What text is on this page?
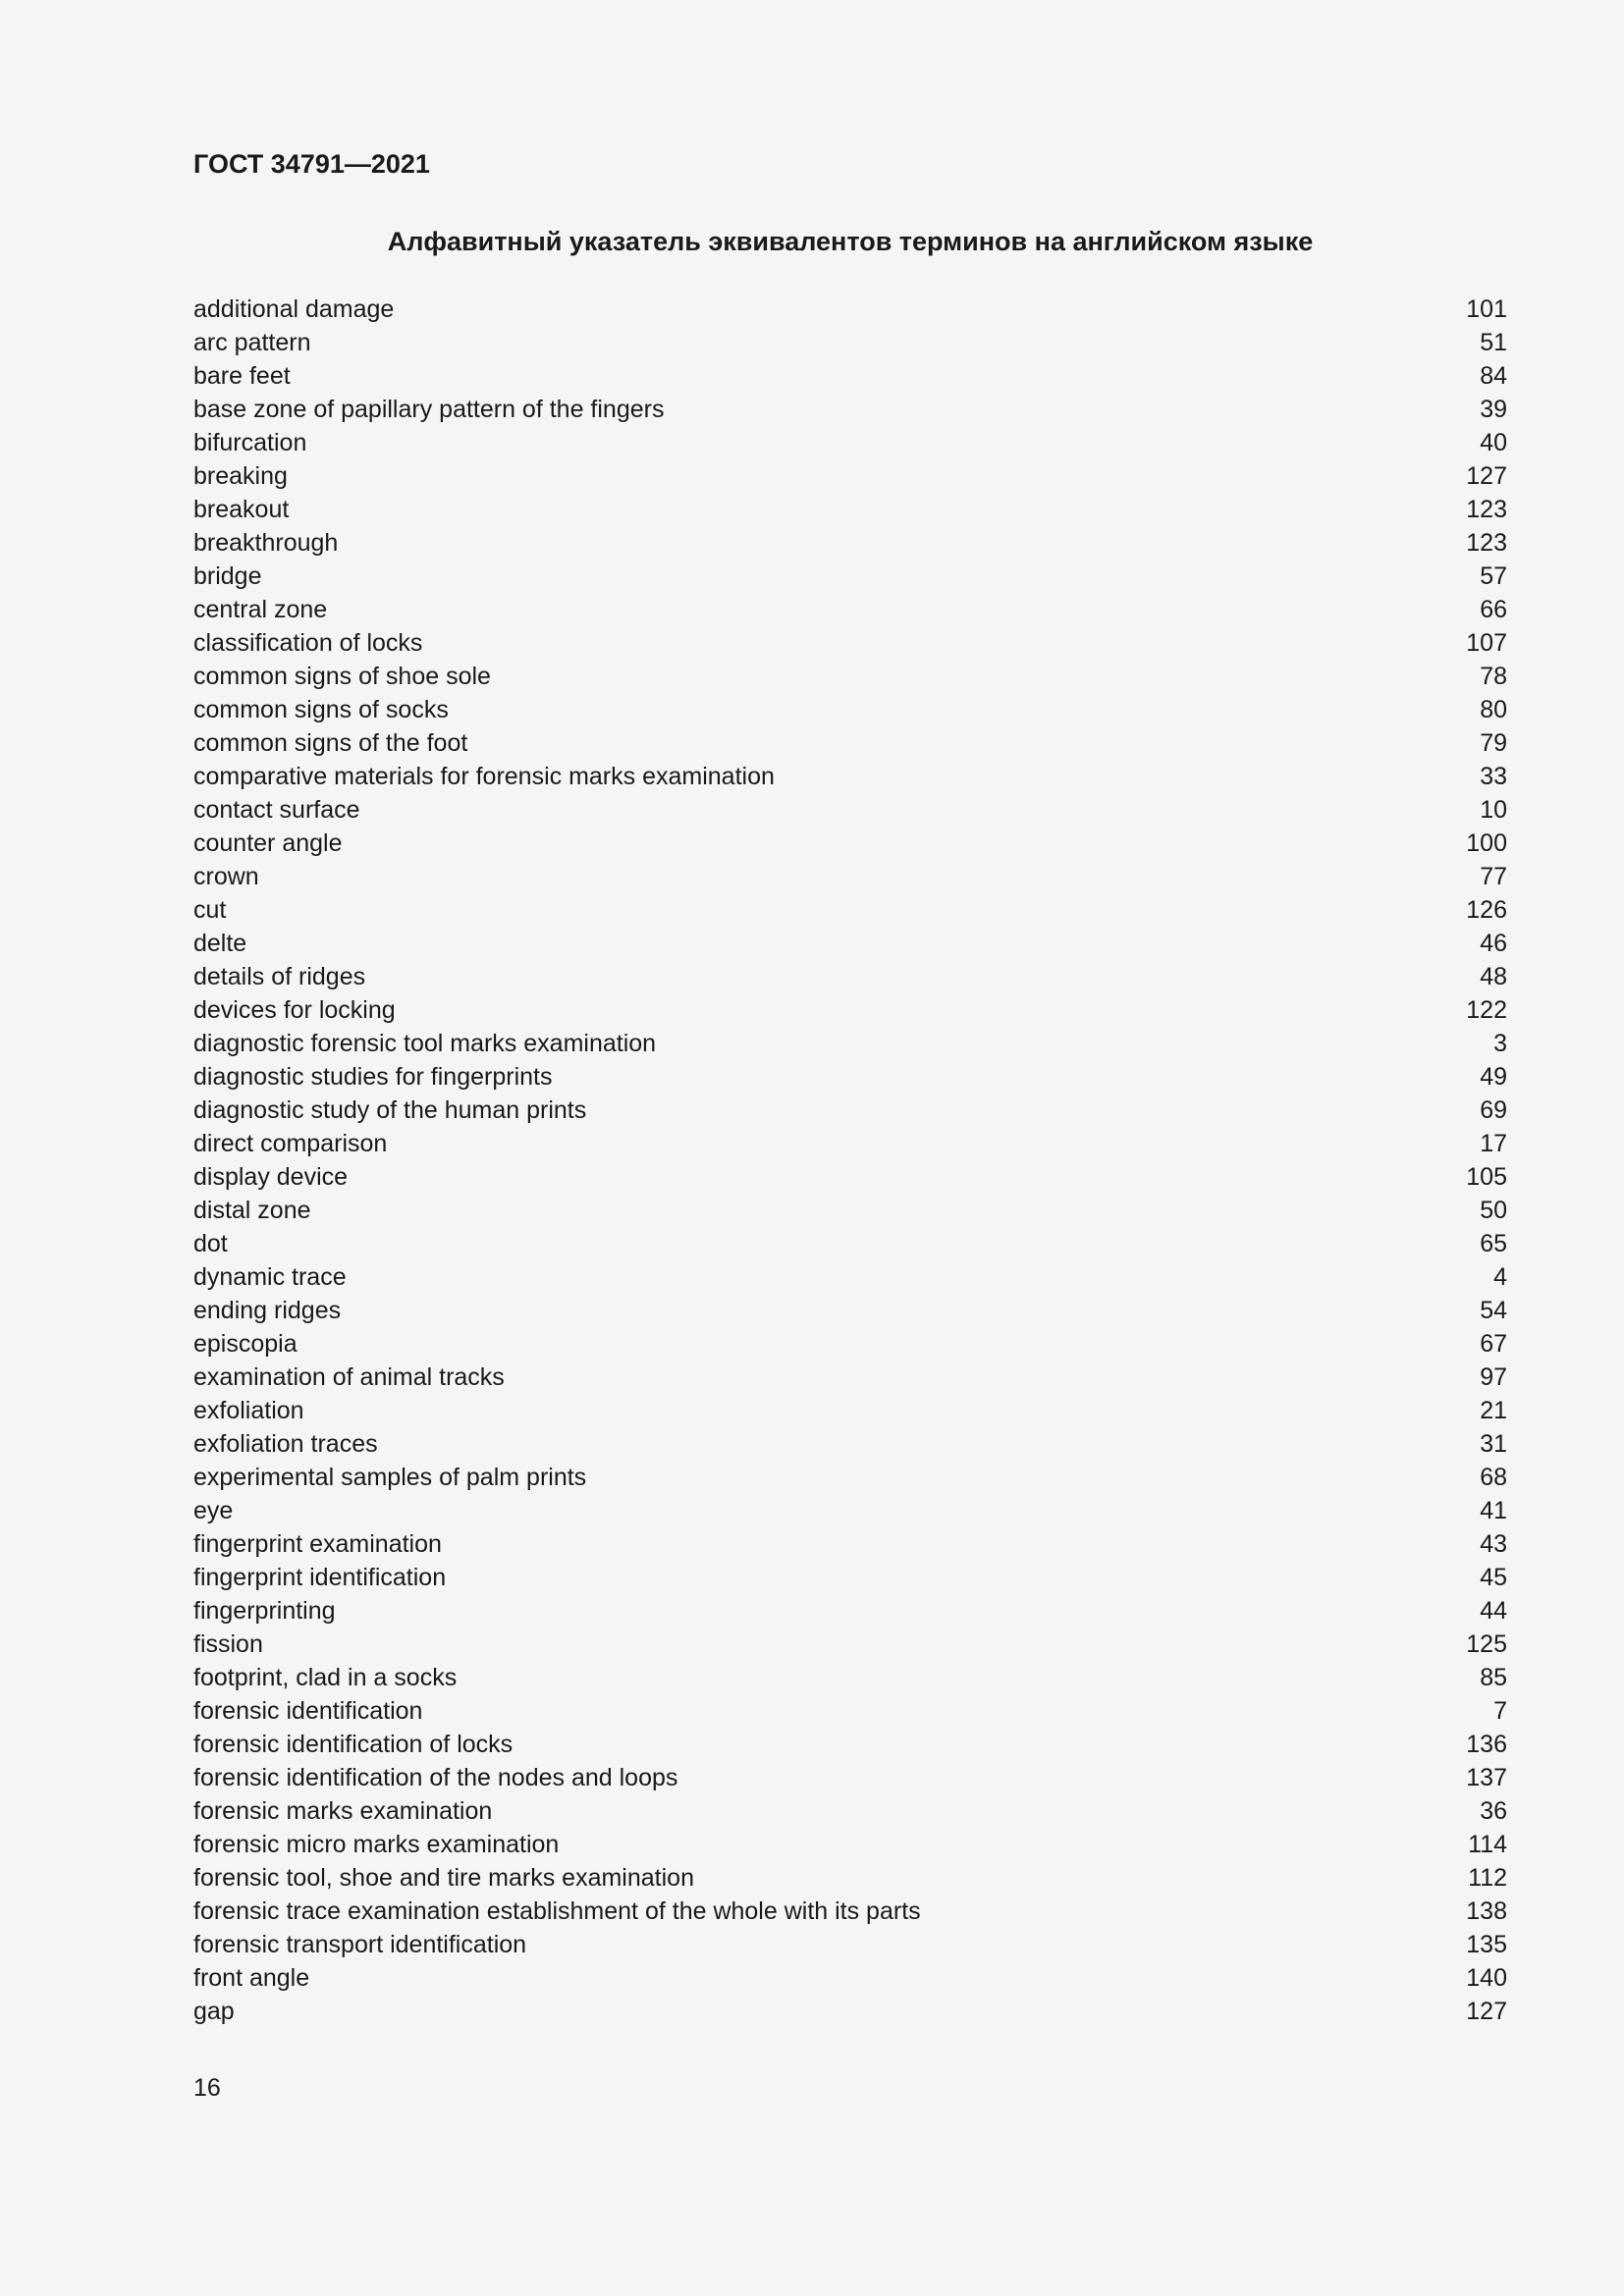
ГОСТ 34791—2021

Алфавитный указатель эквивалентов терминов на английском языке
additional damage	101
arc pattern	51
bare feet	84
base zone of papillary pattern of the fingers	39
bifurcation	40
breaking	127
breakout	123
breakthrough	123
bridge	57
central zone	66
classification of locks	107
common signs of shoe sole	78
common signs of socks	80
common signs of the foot	79
comparative materials for forensic marks examination	33
contact surface	10
counter angle	100
crown	77
cut	126
delte	46
details of ridges	48
devices for locking	122
diagnostic forensic tool marks examination	3
diagnostic studies for fingerprints	49
diagnostic study of the human prints	69
direct comparison	17
display device	105
distal zone	50
dot	65
dynamic trace	4
ending ridges	54
episcopia	67
examination of animal tracks	97
exfoliation	21
exfoliation traces	31
experimental samples of palm prints	68
eye	41
fingerprint examination	43
fingerprint identification	45
fingerprinting	44
fission	125
footprint, clad in a socks	85
forensic identification	7
forensic identification of locks	136
forensic identification of the nodes and loops	137
forensic marks examination	36
forensic micro marks examination	114
forensic tool, shoe and tire marks examination	112
forensic trace examination establishment of the whole with its parts	138
forensic transport identification	135
front angle	140
gap	127

16
